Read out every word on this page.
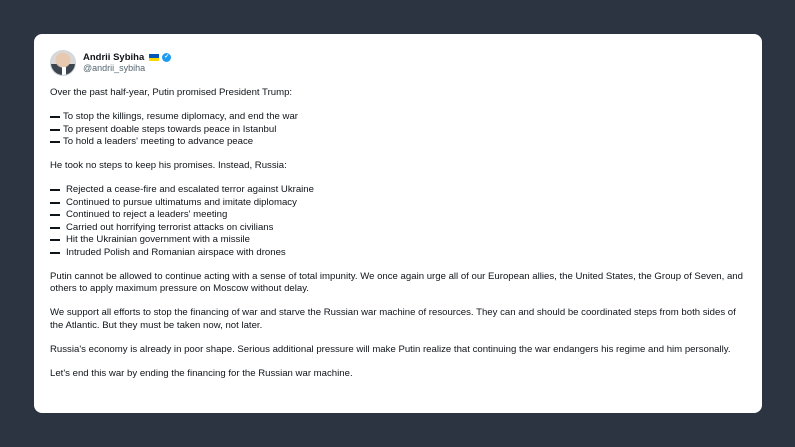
Andrii Sybiha	✓
@andrii_sybiha

Over the past half-year, Putin promised President Trump:

To stop the killings, resume diplomacy, and end the war
To present doable steps towards peace in Istanbul
To hold a leaders' meeting to advance peace

He took no steps to keep his promises. Instead, Russia:

Rejected a cease-fire and escalated terror against Ukraine
Continued to pursue ultimatums and imitate diplomacy
Continued to reject a leaders' meeting
Carried out horrifying terrorist attacks on civilians
Hit the Ukrainian government with a missile
Intruded Polish and Romanian airspace with drones

Putin cannot be allowed to continue acting with a sense of total impunity. We once again urge all of our European allies, the United States, the Group of Seven, and others to apply maximum pressure on Moscow without delay.

We support all efforts to stop the financing of war and starve the Russian war machine of resources. They can and should be coordinated steps from both sides of the Atlantic. But they must be taken now, not later.

Russia's economy is already in poor shape. Serious additional pressure will make Putin realize that continuing the war endangers his regime and him personally.

Let's end this war by ending the financing for the Russian war machine.
